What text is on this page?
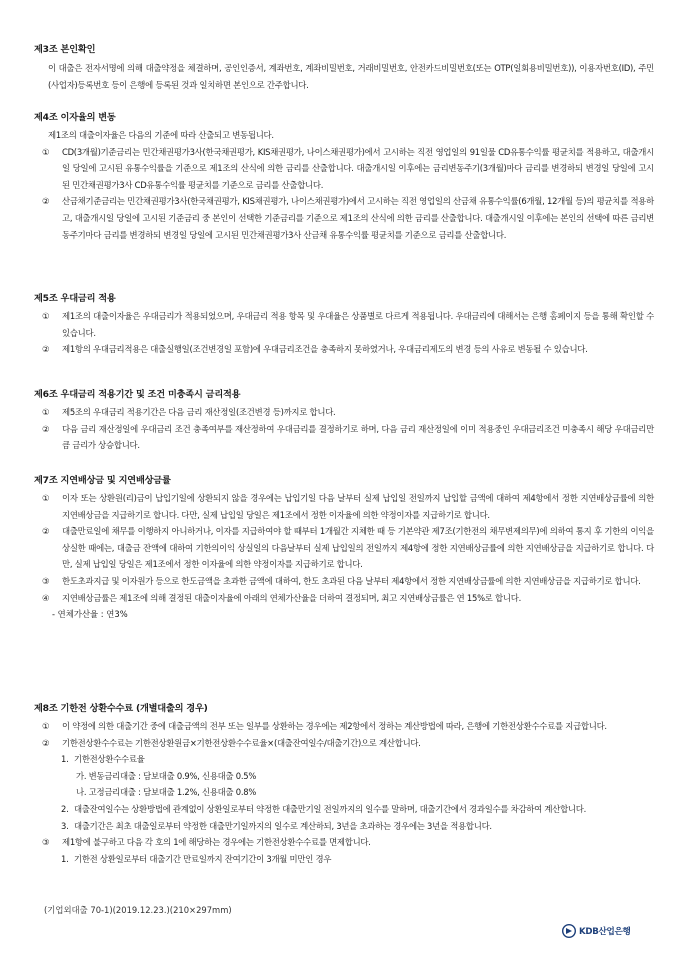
제3조 본인확인

이 대출은 전자서명에 의해 대출약정을 체결하며, 공인인증서, 계좌번호, 계좌비밀번호, 거래비밀번호, 안전카드비밀번호(또는 OTP(일회용비밀번호)), 이용자번호(ID), 주민(사업자)등록번호 등이 은행에 등록된 것과 일치하면 본인으로 간주합니다.

제4조 이자율의 변동

제1조의 대출이자율은 다음의 기준에 따라 산출되고 변동됩니다.

① CD(3개월)기준금리는 민간채권평가3사(한국채권평가, KIS채권평가, 나이스채권평가)에서 고시하는 직전 영업일의 91일물 CD유통수익률 평균치를 적용하고, 대출개시일 당일에 고시된 유통수익률을 기준으로 제1조의 산식에 의한 금리를 산출합니다. 대출개시일 이후에는 금리변동주기(3개월)마다 금리를 변경하되 변경일 당일에 고시된 민간채권평가3사 CD유통수익률 평균치를 기준으로 금리를 산출합니다.
② 산금채기준금리는 민간채권평가3사(한국채권평가, KIS채권평가, 나이스채권평가)에서 고시하는 직전 영업일의 산금채 유통수익률(6개월, 12개월 등)의 평균치를 적용하고, 대출개시일 당일에 고시된 기준금리 중 본인이 선택한 기준금리를 기준으로 제1조의 산식에 의한 금리를 산출합니다. 대출개시일 이후에는 본인의 선택에 따른 금리변동주기마다 금리를 변경하되 변경일 당일에 고시된 민간채권평가3사 산금채 유통수익률 평균치를 기준으로 금리를 산출합니다.

제5조 우대금리 적용

① 제1조의 대출이자율은 우대금리가 적용되었으며, 우대금리 적용 항목 및 우대율은 상품별로 다르게 적용됩니다. 우대금리에 대해서는 은행 홈페이지 등을 통해 확인할 수 있습니다.
② 제1항의 우대금리적용은 대출실행일(조건변경일 포함)에 우대금리조건을 충족하지 못하였거나, 우대금리제도의 변경 등의 사유로 변동될 수 있습니다.

제6조 우대금리 적용기간 및 조건 미충족시 금리적용

① 제5조의 우대금리 적용기간은 다음 금리 재산정일(조건변경 등)까지로 합니다.
② 다음 금리 재산정일에 우대금리 조건 충족여부를 재산정하여 우대금리를 결정하기로 하며, 다음 금리 재산정일에 이미 적용중인 우대금리조건 미충족시 해당 우대금리만큼 금리가 상승합니다.

제7조 지연배상금 및 지연배상금률

① 이자 또는 상환원(리)금이 납입기일에 상환되지 않을 경우에는 납입기일 다음 날부터 실제 납입일 전일까지 납입할 금액에 대하여 제4항에서 정한 지연배상금률에 의한 지연배상금을 지급하기로 합니다. 다만, 실제 납입일 당일은 제1조에서 정한 이자율에 의한 약정이자를 지급하기로 합니다.
② 대출만료일에 채무를 이행하지 아니하거나, 이자를 지급하여야 할 때부터 1개월간 지체한 때 등 기본약관 제7조(기한전의 채무변제의무)에 의하여 통지 후 기한의 이익을 상실한 때에는, 대출금 잔액에 대하여 기한의이익 상실일의 다음날부터 실제 납입일의 전일까지 제4항에 정한 지연배상금률에 의한 지연배상금을 지급하기로 합니다. 다만, 실제 납입일 당일은 제1조에서 정한 이자율에 의한 약정이자를 지급하기로 합니다.
③ 한도초과지급 및 이자원가 등으로 한도금액을 초과한 금액에 대하여, 한도 초과된 다음 날부터 제4항에서 정한 지연배상금률에 의한 지연배상금을 지급하기로 합니다.
④ 지연배상금률은 제1조에 의해 결정된 대출이자율에 아래의 연체가산율을 더하여 결정되며, 최고 지연배상금률은 연 15%로 합니다.

- 연체가산율 : 연3%

제8조 기한전 상환수수료 (개별대출의 경우)

① 이 약정에 의한 대출기간 중에 대출금액의 전부 또는 일부를 상환하는 경우에는 제2항에서 정하는 계산방법에 따라, 은행에 기한전상환수수료를 지급합니다.
② 기한전상환수수료는 기한전상환원금×기한전상환수수료율×(대출잔여일수/대출기간)으로 계산합니다.
1. 기한전상환수수료율

가. 변동금리대출 : 담보대출 0.9%, 신용대출 0.5%

나. 고정금리대출 : 담보대출 1.2%, 신용대출 0.8%

2. 대출잔여일수는 상환방법에 관계없이 상환일로부터 약정한 대출만기일 전일까지의 일수를 말하며, 대출기간에서 경과일수를 차감하여 계산합니다.
3. 대출기간은 최초 대출일로부터 약정한 대출만기일까지의 일수로 계산하되, 3년을 초과하는 경우에는 3년을 적용합니다.
③ 제1항에 불구하고 다음 각 호의 1에 해당하는 경우에는 기한전상환수수료를 면제합니다.
1. 기한전 상환일로부터 대출기간 만료일까지 잔여기간이 3개월 미만인 경우
(기업외대출 70-1)(2019.12.23.)(210×297mm)
KDB산업은행
